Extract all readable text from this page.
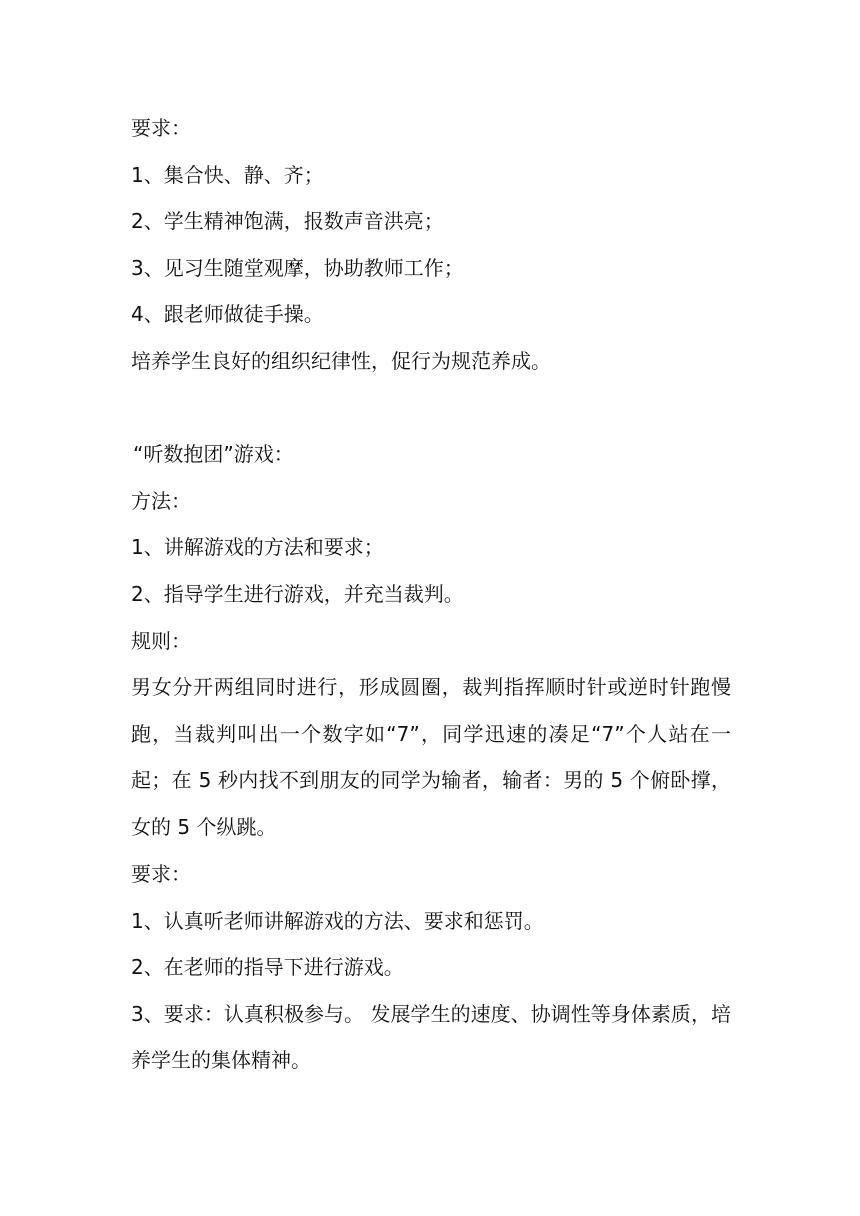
要求：
1、集合快、静、齐；
2、学生精神饱满，报数声音洪亮；
3、见习生随堂观摩，协助教师工作；
4、跟老师做徒手操。
培养学生良好的组织纪律性，促行为规范养成。
“听数抱团”游戏：
方法：
1、讲解游戏的方法和要求；
2、指导学生进行游戏，并充当裁判。
规则：
男女分开两组同时进行，形成圆圈，裁判指挥顺时针或逆时针跑慢跑，当裁判叫出一个数字如“7”，同学迅速的凑足“7”个人站在一起；在 5 秒内找不到朋友的同学为输者，输者：男的 5 个俯卧撑，女的 5 个纵跳。
要求：
1、认真听老师讲解游戏的方法、要求和惩罚。
2、在老师的指导下进行游戏。
3、要求：认真积极参与。 发展学生的速度、协调性等身体素质，培养学生的集体精神。
